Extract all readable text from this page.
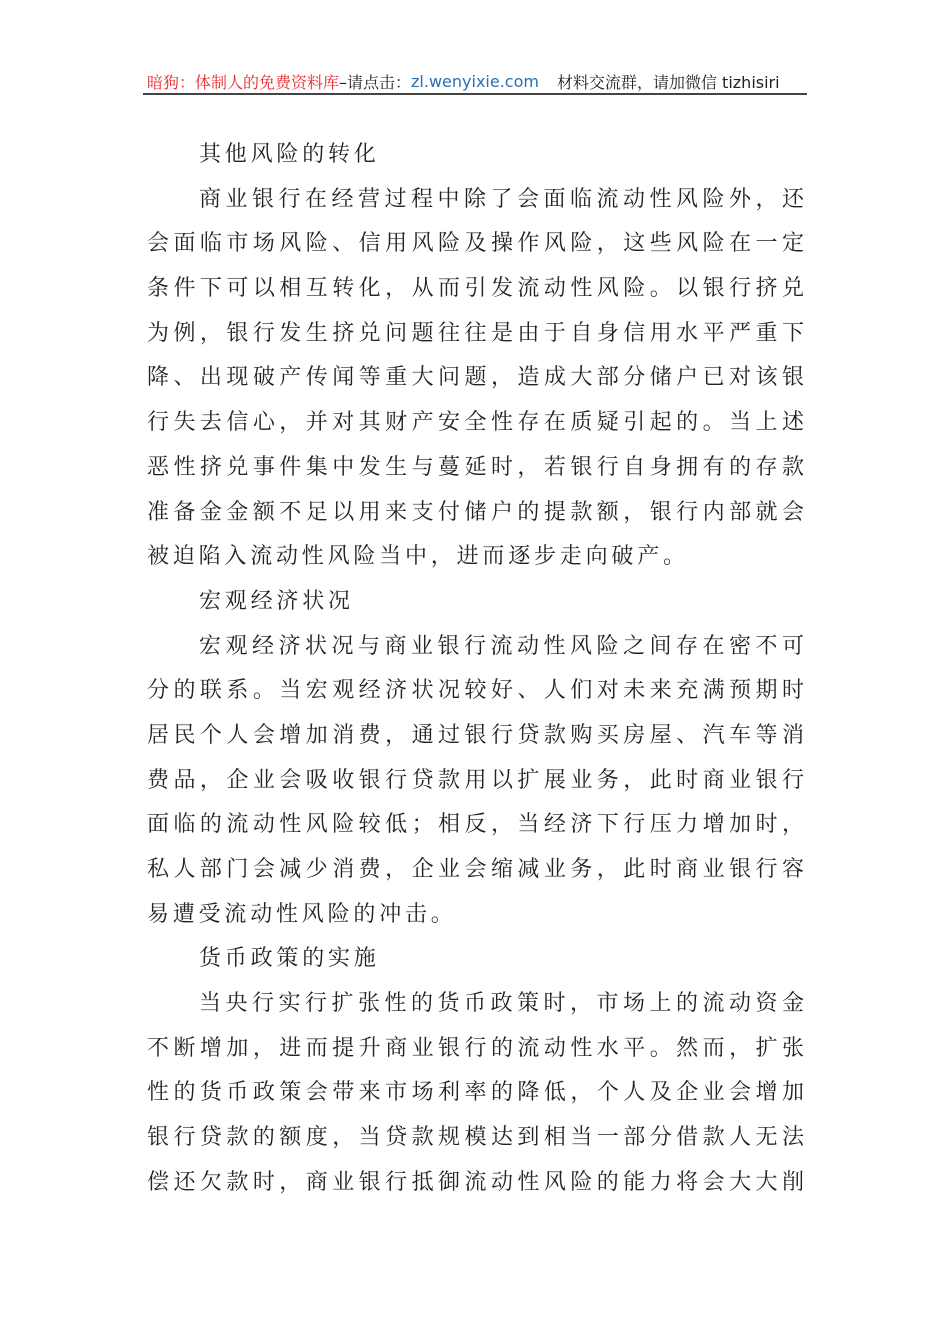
暗狗：体制人的免费资料库 –请点击： zl.wenyixie.com 材料交流群，请加微信 tizhisiri
其他风险的转化
商业银行在经营过程中除了会面临流动性风险外，还
会面临市场风险、信用风险及操作风险，这些风险在一定
条件下可以相互转化，从而引发流动性风险。以银行挤兑
为例，银行发生挤兑问题往往是由于自身信用水平严重下
降、出现破产传闻等重大问题，造成大部分储户已对该银
行失去信心，并对其财产安全性存在质疑引起的。当上述
恶性挤兑事件集中发生与蔓延时，若银行自身拥有的存款
准备金金额不足以用来支付储户的提款额，银行内部就会
被迫陷入流动性风险当中，进而逐步走向破产。
宏观经济状况
宏观经济状况与商业银行流动性风险之间存在密不可
分的联系。当宏观经济状况较好、人们对未来充满预期时
居民个人会增加消费，通过银行贷款购买房屋、汽车等消
费品，企业会吸收银行贷款用以扩展业务，此时商业银行
面临的流动性风险较低；相反，当经济下行压力增加时，
私人部门会减少消费，企业会缩减业务，此时商业银行容
易遭受流动性风险的冲击。
货币政策的实施
当央行实行扩张性的货币政策时，市场上的流动资金
不断增加，进而提升商业银行的流动性水平。然而，扩张
性的货币政策会带来市场利率的降低，个人及企业会增加
银行贷款的额度，当贷款规模达到相当一部分借款人无法
偿还欠款时，商业银行抵御流动性风险的能力将会大大削
